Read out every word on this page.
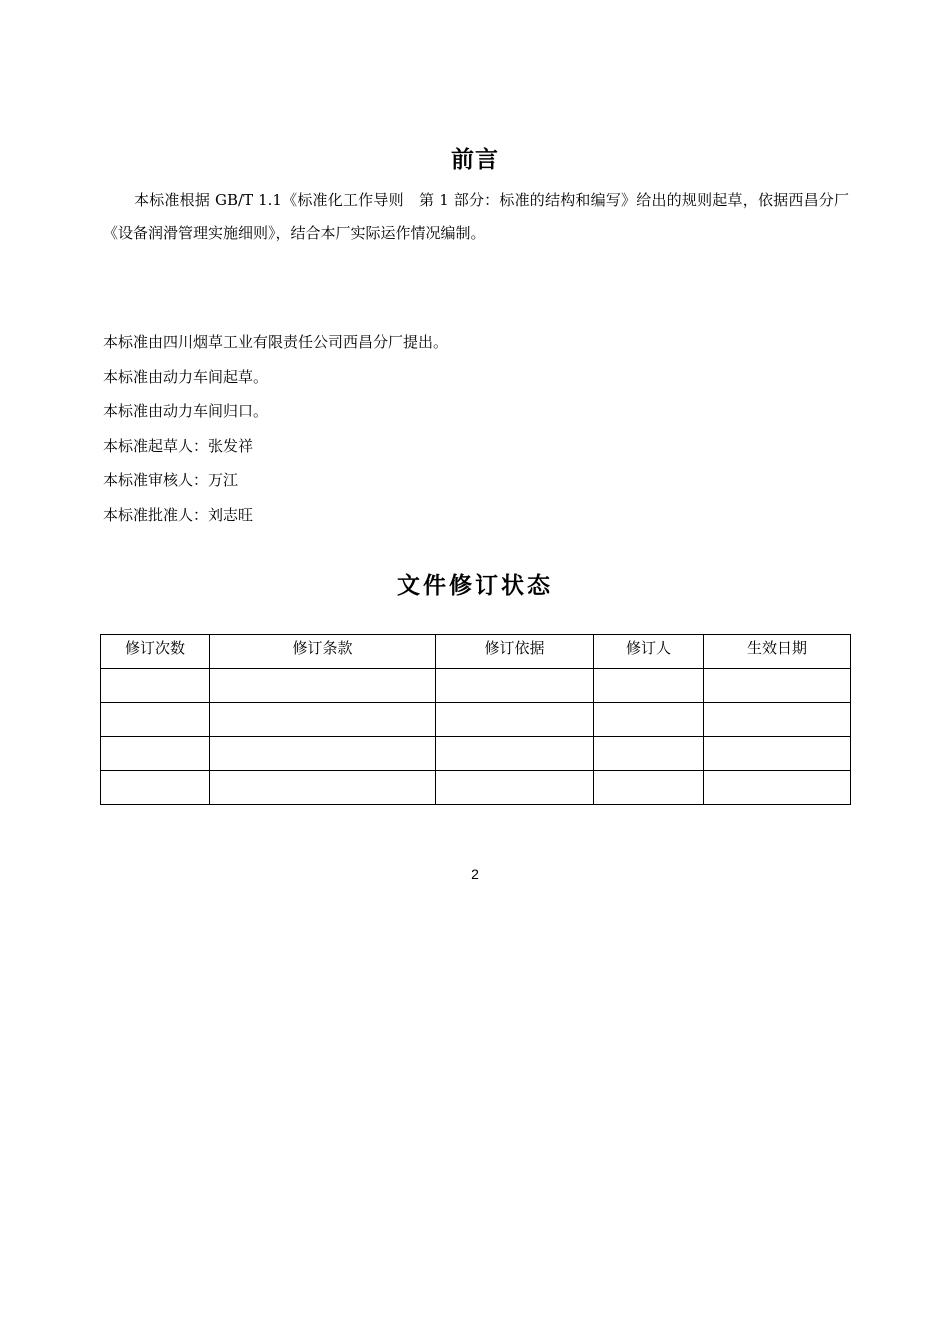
前言
本标准根据 GB/T 1.1《标准化工作导则　第 1 部分：标准的结构和编写》给出的规则起草，依据西昌分厂《设备润滑管理实施细则》，结合本厂实际运作情况编制。
本标准由四川烟草工业有限责任公司西昌分厂提出。
本标准由动力车间起草。
本标准由动力车间归口。
本标准起草人：张发祥
本标准审核人：万江
本标准批准人：刘志旺
文件修订状态
修订次数	修订条款	修订依据	修订人	生效日期

2
